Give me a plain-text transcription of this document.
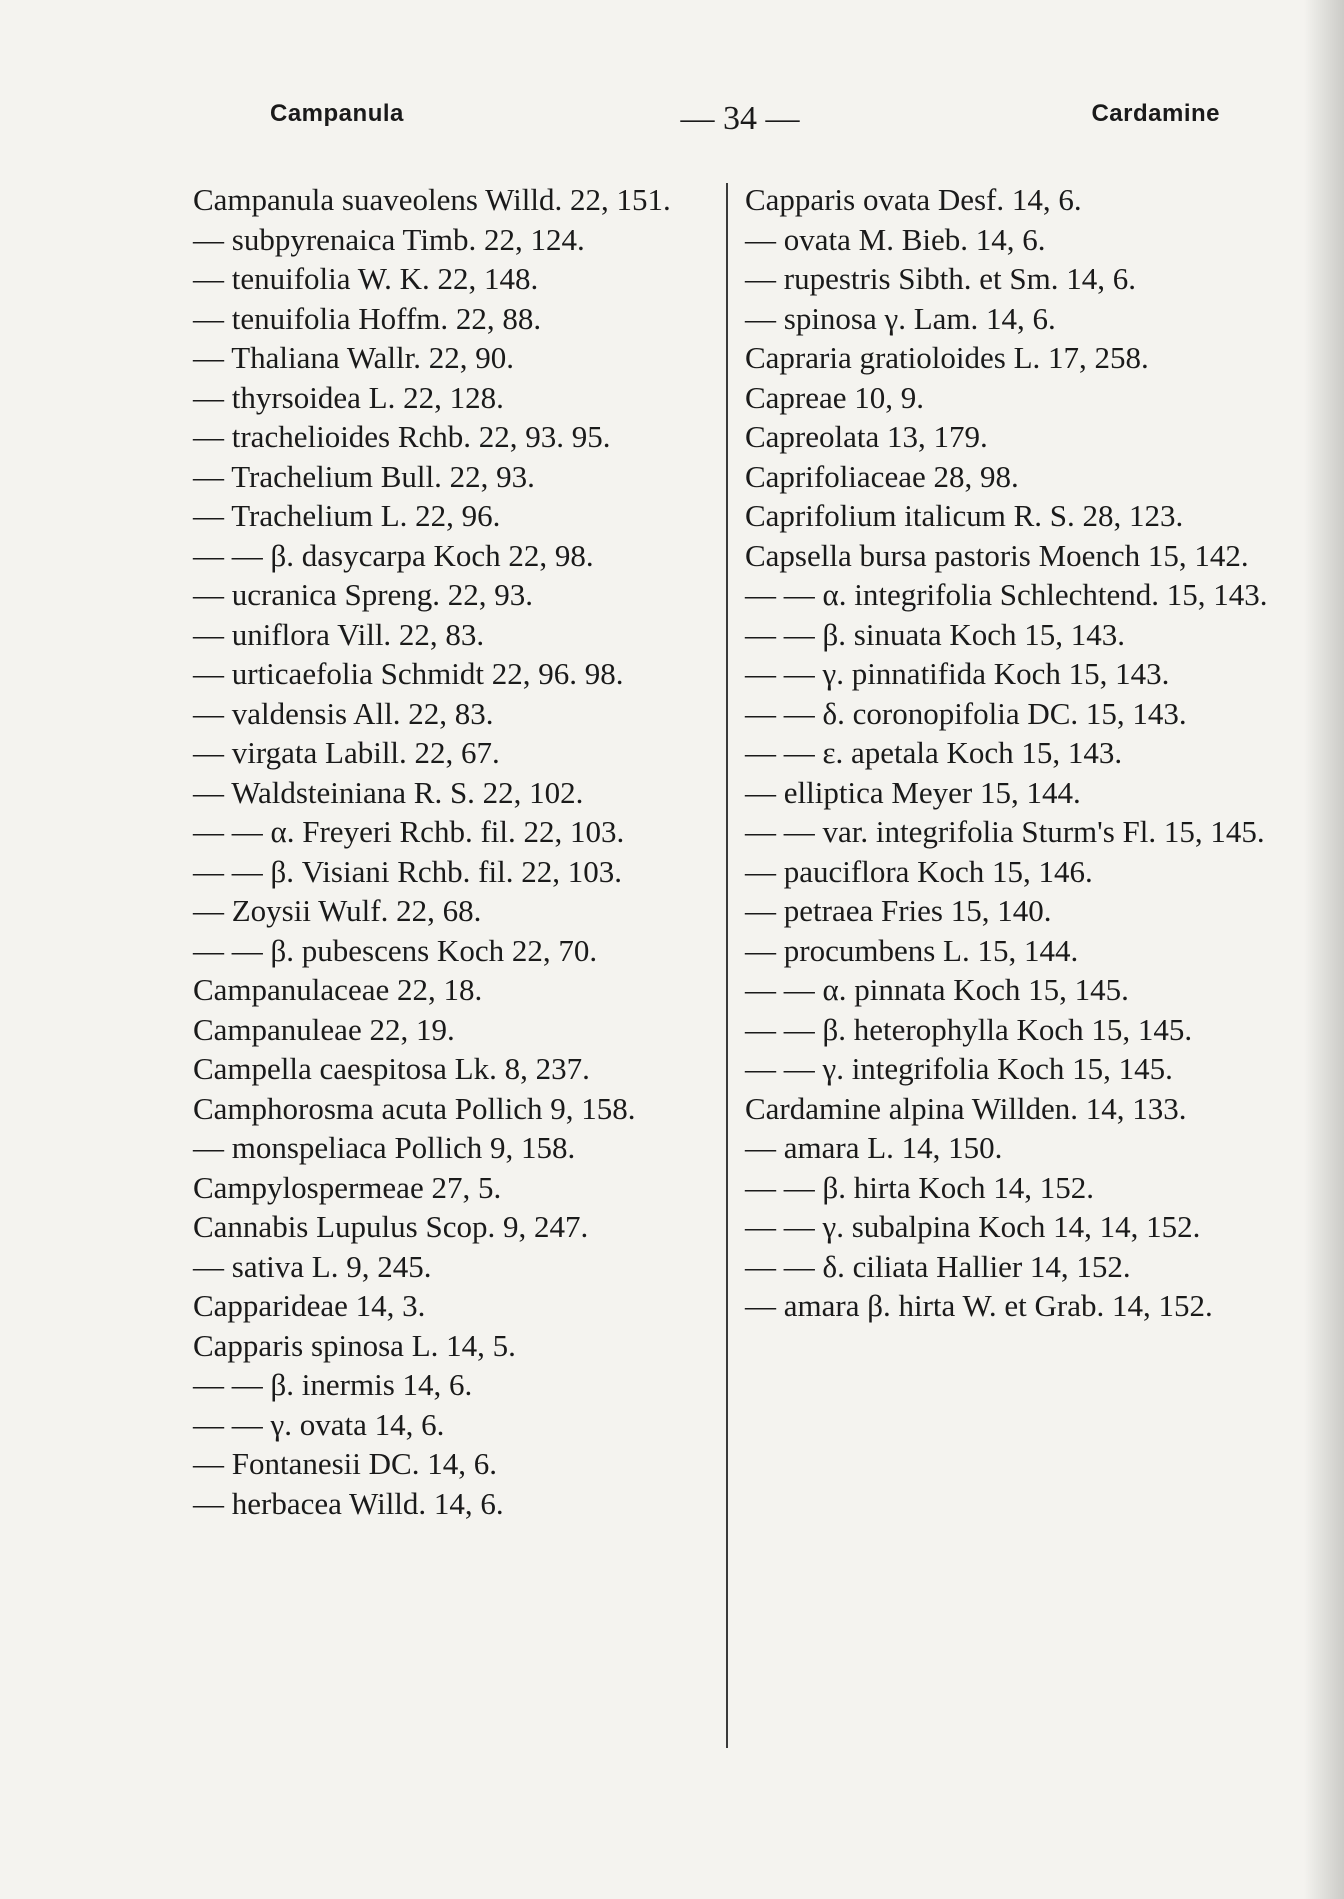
Campanula	— 34 —	Cardamine
Campanula suaveolens Willd. 22, 151.
— subpyrenaica Timb. 22, 124.
— tenuifolia W. K. 22, 148.
— tenuifolia Hoffm. 22, 88.
— Thaliana Wallr. 22, 90.
— thyrsoidea L. 22, 128.
— trachelioides Rchb. 22, 93. 95.
— Trachelium Bull. 22, 93.
— Trachelium L. 22, 96.
— — β. dasycarpa Koch 22, 98.
— ucranica Spreng. 22, 93.
— uniflora Vill. 22, 83.
— urticaefolia Schmidt 22, 96. 98.
— valdensis All. 22, 83.
— virgata Labill. 22, 67.
— Waldsteiniana R. S. 22, 102.
— — α. Freyeri Rchb. fil. 22, 103.
— — β. Visiani Rchb. fil. 22, 103.
— Zoysii Wulf. 22, 68.
— — β. pubescens Koch 22, 70.
Campanulaceae 22, 18.
Campanuleae 22, 19.
Campella caespitosa Lk. 8, 237.
Camphorosma acuta Pollich 9, 158.
— monspeliaca Pollich 9, 158.
Campylospermeae 27, 5.
Cannabis Lupulus Scop. 9, 247.
— sativa L. 9, 245.
Capparideae 14, 3.
Capparis spinosa L. 14, 5.
— — β. inermis 14, 6.
— — γ. ovata 14, 6.
— Fontanesii DC. 14, 6.
— herbacea Willd. 14, 6.
Capparis ovata Desf. 14, 6.
— ovata M. Bieb. 14, 6.
— rupestris Sibth. et Sm. 14, 6.
— spinosa γ. Lam. 14, 6.
Capraria gratioloides L. 17, 258.
Capreae 10, 9.
Capreolata 13, 179.
Caprifoliaceae 28, 98.
Caprifolium italicum R. S. 28, 123.
Capsella bursa pastoris Moench 15, 142.
— — α. integrifolia Schlechtend. 15, 143.
— — β. sinuata Koch 15, 143.
— — γ. pinnatifida Koch 15, 143.
— — δ. coronopifolia DC. 15, 143.
— — ε. apetala Koch 15, 143.
— elliptica Meyer 15, 144.
— — var. integrifolia Sturm's Fl. 15, 145.
— pauciflora Koch 15, 146.
— petraea Fries 15, 140.
— procumbens L. 15, 144.
— — α. pinnata Koch 15, 145.
— — β. heterophylla Koch 15, 145.
— — γ. integrifolia Koch 15, 145.
Cardamine alpina Willden. 14, 133.
— amara L. 14, 150.
— — β. hirta Koch 14, 152.
— — γ. subalpina Koch 14, 14, 152.
— — δ. ciliata Hallier 14, 152.
— amara β. hirta W. et Grab. 14, 152.
